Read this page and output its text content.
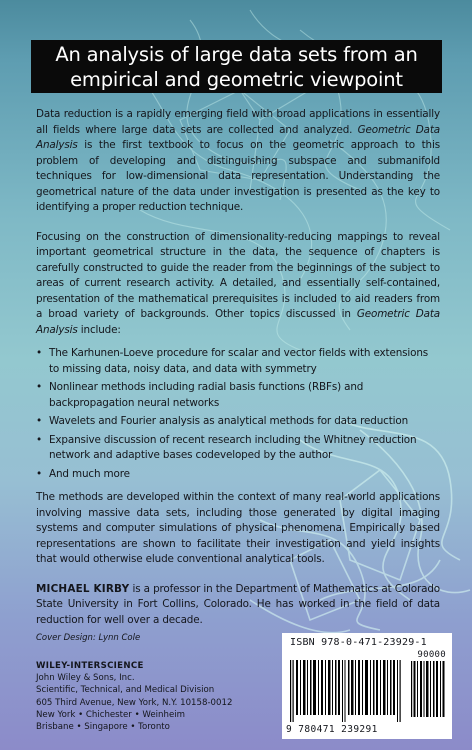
An analysis of large data sets from an
empirical and geometric viewpoint

Data reduction is a rapidly emerging field with broad applications in essentially all fields where large data sets are collected and analyzed. Geometric Data Analysis is the first textbook to focus on the geometric approach to this problem of developing and distinguishing subspace and submanifold techniques for low-dimensional data representation. Understanding the geometrical nature of the data under investigation is presented as the key to identifying a proper reduction technique.

Focusing on the construction of dimensionality-reducing mappings to reveal important geometrical structure in the data, the sequence of chapters is carefully constructed to guide the reader from the beginnings of the subject to areas of current research activity. A detailed, and essentially self-contained, presentation of the mathematical prerequisites is included to aid readers from a broad variety of backgrounds. Other topics discussed in Geometric Data Analysis include:

• The Karhunen-Loeve procedure for scalar and vector fields with extensions to missing data, noisy data, and data with symmetry
• Nonlinear methods including radial basis functions (RBFs) and backpropagation neural networks
• Wavelets and Fourier analysis as analytical methods for data reduction
• Expansive discussion of recent research including the Whitney reduction network and adaptive bases codeveloped by the author
• And much more

The methods are developed within the context of many real-world applications involving massive data sets, including those generated by digital imaging systems and computer simulations of physical phenomena. Empirically based representations are shown to facilitate their investigation and yield insights that would otherwise elude conventional analytical tools.

MICHAEL KIRBY is a professor in the Department of Mathematics at Colorado State University in Fort Collins, Colorado. He has worked in the field of data reduction for well over a decade.

Cover Design: Lynn Cole
WILEY-INTERSCIENCE
John Wiley & Sons, Inc.
Scientific, Technical, and Medical Division
605 Third Avenue, New York, N.Y. 10158-0012
New York • Chichester • Weinheim
Brisbane • Singapore • Toronto
ISBN 978-0-471-23929-1
90000
9 780471 239291
